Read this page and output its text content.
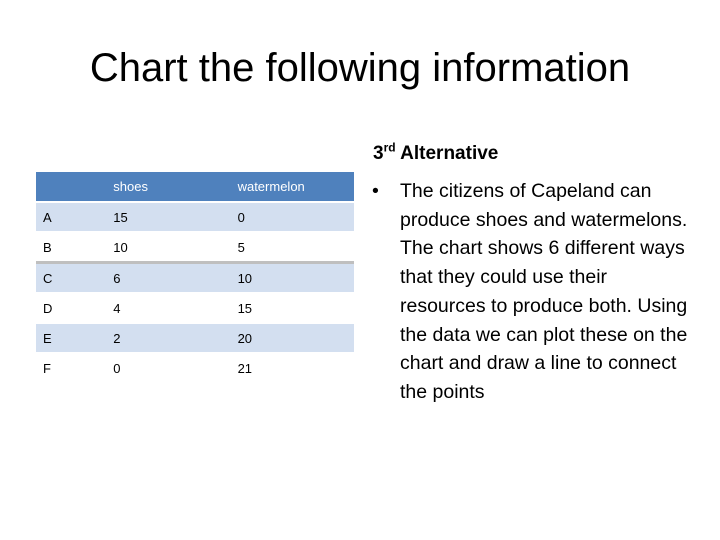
Chart the following information
3rd Alternative
	shoes	watermelon
A	15	0
B	10	5
C	6	10
D	4	15
E	2	20
F	0	21
•	The citizens of Capeland can produce shoes and watermelons. The chart shows 6 different ways that they could use their resources to produce both. Using the data we can plot these on the chart and draw a line to connect the points
